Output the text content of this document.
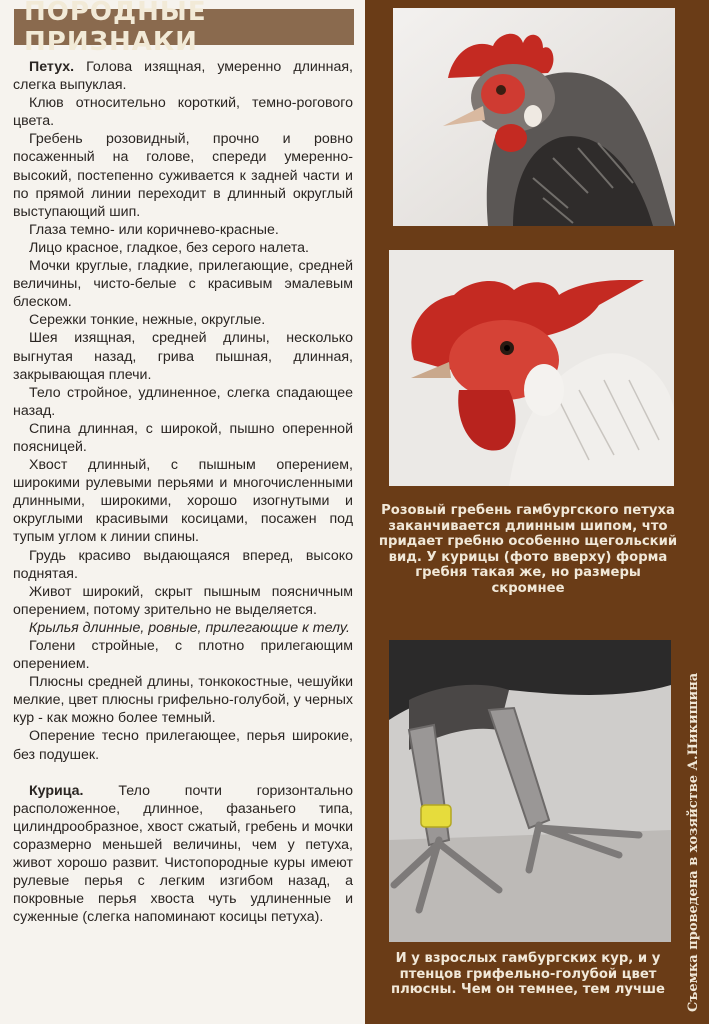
ПОРОДНЫЕ ПРИЗНАКИ

Петух. Голова изящная, умеренно длинная, слегка выпуклая.

Клюв относительно короткий, темно-рогового цвета.

Гребень розовидный, прочно и ровно посаженный на голове, спереди умеренно-высокий, постепенно суживается к задней части и по прямой линии переходит в длинный округлый выступающий шип.

Глаза темно- или коричнево-красные.

Лицо красное, гладкое, без серого налета.

Мочки круглые, гладкие, прилегающие, средней величины, чисто-белые с красивым эмалевым блеском.

Сережки тонкие, нежные, округлые.

Шея изящная, средней длины, несколько выгнутая назад, грива пышная, длинная, закрывающая плечи.

Тело стройное, удлиненное, слегка спадающее назад.

Спина длинная, с широкой, пышно оперенной поясницей.

Хвост длинный, с пышным оперением, широкими рулевыми перьями и многочисленными длинными, широкими, хорошо изогнутыми и округлыми красивыми косицами, посажен под тупым углом к линии спины.

Грудь красиво выдающаяся вперед, высоко поднятая.

Живот широкий, скрыт пышным поясничным оперением, потому зрительно не выделяется.

Крылья длинные, ровные, прилегающие к телу.

Голени стройные, с плотно прилегающим оперением.

Плюсны средней длины, тонкокостные, чешуйки мелкие, цвет плюсны грифельно-голубой, у черных кур - как можно более темный.

Оперение тесно прилегающее, перья широкие, без подушек.

Курица. Тело почти горизонтально расположенное, длинное, фазаньего типа, цилиндрообразное, хвост сжатый, гребень и мочки соразмерно меньшей величины, чем у петуха, живот хорошо развит. Чистопородные куры имеют рулевые перья с легким изгибом назад, а покровные перья хвоста чуть удлиненные и суженные (слегка напоминают косицы петуха).

Розовый гребень гамбургского петуха заканчивается длинным шипом, что придает гребню особенно щегольский вид. У курицы (фото вверху) форма гребня такая же, но размеры скромнее
И у взрослых гамбургских кур, и у птенцов грифельно-голубой цвет плюсны. Чем он темнее, тем лучше	Съемка проведена в хозяйстве А.Никишина
